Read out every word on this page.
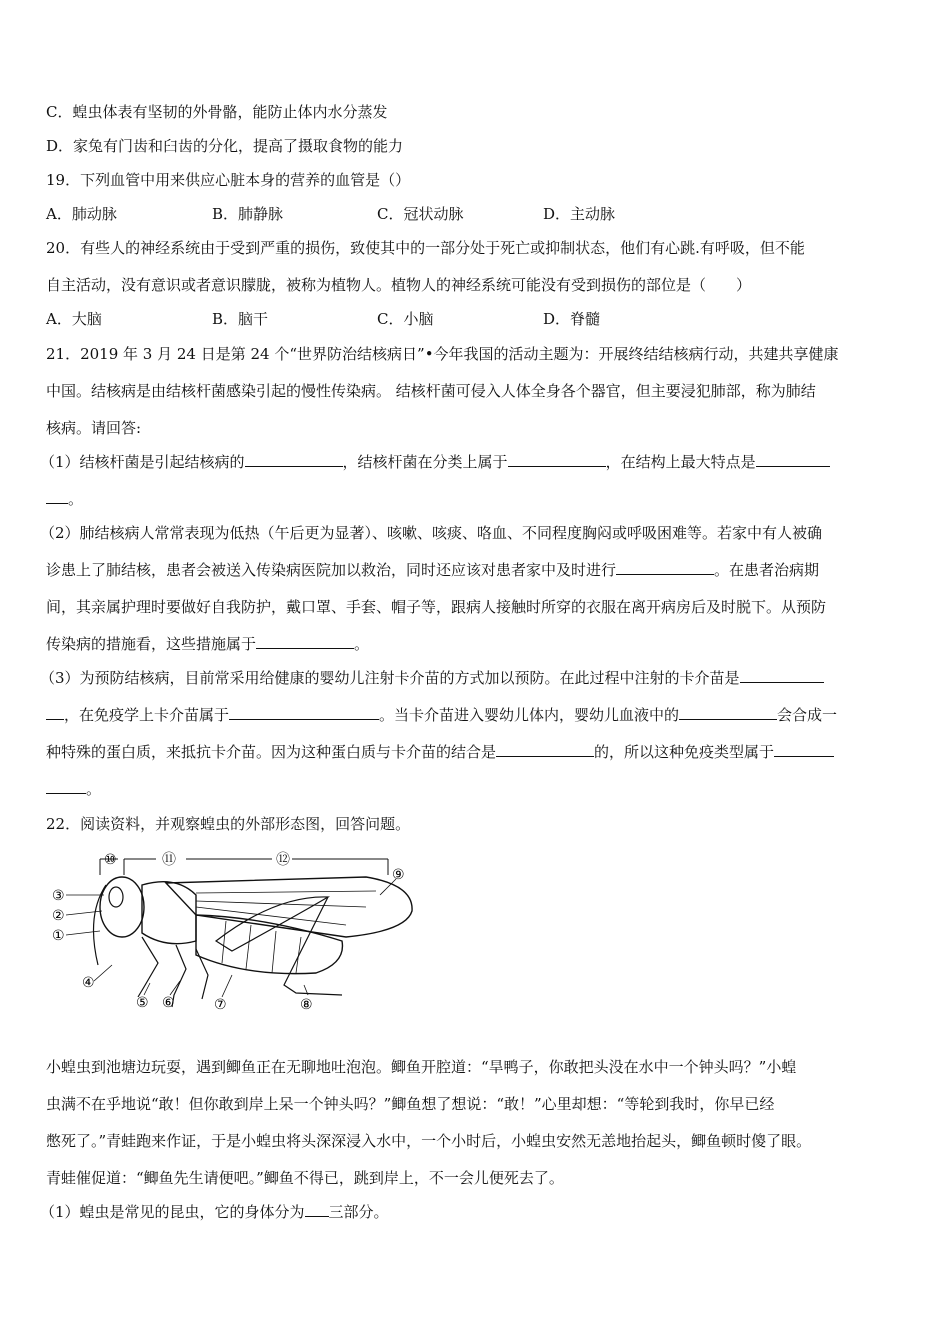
C．蝗虫体表有坚韧的外骨骼，能防止体内水分蒸发
D．家兔有门齿和臼齿的分化，提高了摄取食物的能力
19．下列血管中用来供应心脏本身的营养的血管是（）
A．肺动脉	B．肺静脉	C．冠状动脉	D．主动脉
20．有些人的神经系统由于受到严重的损伤，致使其中的一部分处于死亡或抑制状态，他们有心跳.有呼吸，但不能
自主活动，没有意识或者意识朦胧，被称为植物人。植物人的神经系统可能没有受到损伤的部位是（　　）
A．大脑	B．脑干	C．小脑	D．脊髓
21．2019 年 3 月 24 日是第 24 个“世界防治结核病日”•今年我国的活动主题为：开展终结结核病行动，共建共享健康
中国。结核病是由结核杆菌感染引起的慢性传染病。 结核杆菌可侵入人体全身各个器官，但主要浸犯肺部，称为肺结
核病。请回答:
（1）结核杆菌是引起结核病的	，结核杆菌在分类上属于	，在结构上最大特点是
。
（2）肺结核病人常常表现为低热（午后更为显著）、咳嗽、咳痰、咯血、不同程度胸闷或呼吸困难等。若家中有人被确
诊患上了肺结核，患者会被送入传染病医院加以救治，同时还应该对患者家中及时进行	。在患者治病期
间，其亲属护理时要做好自我防护，戴口罩、手套、帽子等，跟病人接触时所穿的衣服在离开病房后及时脱下。从预防
传染病的措施看，这些措施属于	。
（3）为预防结核病，目前常采用给健康的婴幼儿注射卡介苗的方式加以预防。在此过程中注射的卡介苗是
，在免疫学上卡介苗属于	。当卡介苗进入婴幼儿体内，婴幼儿血液中的	会合成一
种特殊的蛋白质，来抵抗卡介苗。因为这种蛋白质与卡介苗的结合是	的，所以这种免疫类型属于
。
22．阅读资料，并观察蝗虫的外部形态图，回答问题。
③
②
①
④
⑤ ⑥	⑦	⑧
⑨
⑩	⑪	⑫
小蝗虫到池塘边玩耍，遇到鲫鱼正在无聊地吐泡泡。鲫鱼开腔道：“旱鸭子，你敢把头没在水中一个钟头吗？”小蝗
虫满不在乎地说“敢！但你敢到岸上呆一个钟头吗？”鲫鱼想了想说：“敢！”心里却想：“等轮到我时，你早已经
憋死了。”青蛙跑来作证，于是小蝗虫将头深深浸入水中，一个小时后，小蝗虫安然无恙地抬起头，鲫鱼顿时傻了眼。
青蛙催促道：“鲫鱼先生请便吧。”鲫鱼不得已，跳到岸上，不一会儿便死去了。
（1）蝗虫是常见的昆虫，它的身体分为 三部分。
